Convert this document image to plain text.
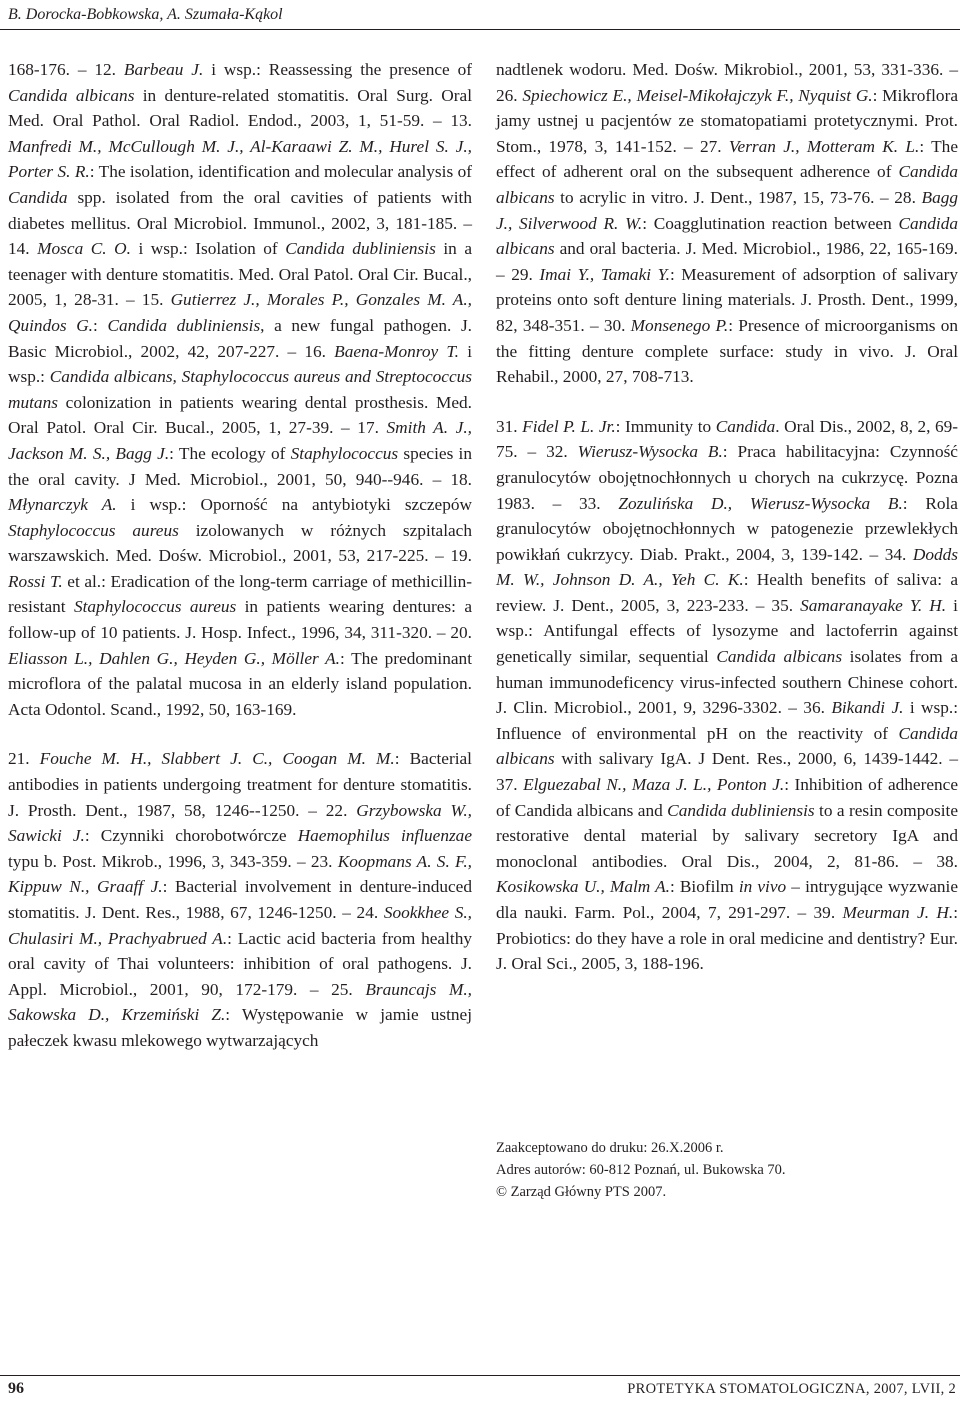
B. Dorocka-Bobkowska, A. Szumała-Kąkol

168-176. – 12. Barbeau J. i wsp.: Reassessing the presence of Candida albicans in denture-related stomatitis. Oral Surg. Oral Med. Oral Pathol. Oral Radiol. Endod., 2003, 1, 51-59. – 13. Manfredi M., McCullough M. J., Al-Karaawi Z. M., Hurel S. J., Porter S. R.: The isolation, identification and molecular analysis of Candida spp. isolated from the oral cavities of patients with diabetes mellitus. Oral Microbiol. Immunol., 2002, 3, 181-185. – 14. Mosca C. O. i wsp.: Isolation of Candida dubliniensis in a teenager with denture stomatitis. Med. Oral Patol. Oral Cir. Bucal., 2005, 1, 28-31. – 15. Gutierrez J., Morales P., Gonzales M. A., Quindos G.: Candida dubliniensis, a new fungal pathogen. J. Basic Microbiol., 2002, 42, 207-227. – 16. Baena-Monroy T. i wsp.: Candida albicans, Staphylococcus aureus and Streptococcus mutans colonization in patients wearing dental prosthesis. Med. Oral Patol. Oral Cir. Bucal., 2005, 1, 27-39. – 17. Smith A. J., Jackson M. S., Bagg J.: The ecology of Staphylococcus species in the oral cavity. J Med. Microbiol., 2001, 50, 940--946. – 18. Młynarczyk A. i wsp.: Oporność na antybiotyki szczepów Staphylococcus aureus izolowanych w różnych szpitalach warszawskich. Med. Dośw. Microbiol., 2001, 53, 217-225. – 19. Rossi T. et al.: Eradication of the long-term carriage of methicillin-resistant Staphylococcus aureus in patients wearing dentures: a follow-up of 10 patients. J. Hosp. Infect., 1996, 34, 311-320. – 20. Eliasson L., Dahlen G., Heyden G., Möller A.: The predominant microflora of the palatal mucosa in an elderly island population. Acta Odontol. Scand., 1992, 50, 163-169.

21. Fouche M. H., Slabbert J. C., Coogan M. M.: Bacterial antibodies in patients undergoing treatment for denture stomatitis. J. Prosth. Dent., 1987, 58, 1246--1250. – 22. Grzybowska W., Sawicki J.: Czynniki chorobotwórcze Haemophilus influenzae typu b. Post. Mikrob., 1996, 3, 343-359. – 23. Koopmans A. S. F., Kippuw N., Graaff J.: Bacterial involvement in denture-induced stomatitis. J. Dent. Res., 1988, 67, 1246-1250. – 24. Sookkhee S., Chulasiri M., Prachyabrued A.: Lactic acid bacteria from healthy oral cavity of Thai volunteers: inhibition of oral pathogens. J. Appl. Microbiol., 2001, 90, 172-179. – 25. Brauncajs M., Sakowska D., Krzemiński Z.: Występowanie w jamie ustnej pałeczek kwasu mlekowego wytwarzających

nadtlenek wodoru. Med. Dośw. Mikrobiol., 2001, 53, 331-336. – 26. Spiechowicz E., Meisel-Mikołajczyk F., Nyquist G.: Mikroflora jamy ustnej u pacjentów ze stomatopatiami protetycznymi. Prot. Stom., 1978, 3, 141-152. – 27. Verran J., Motteram K. L.: The effect of adherent oral on the subsequent adherence of Candida albicans to acrylic in vitro. J. Dent., 1987, 15, 73-76. – 28. Bagg J., Silverwood R. W.: Coagglutination reaction between Candida albicans and oral bacteria. J. Med. Microbiol., 1986, 22, 165-169. – 29. Imai Y., Tamaki Y.: Measurement of adsorption of salivary proteins onto soft denture lining materials. J. Prosth. Dent., 1999, 82, 348-351. – 30. Monsenego P.: Presence of microorganisms on the fitting denture complete surface: study in vivo. J. Oral Rehabil., 2000, 27, 708-713.

31. Fidel P. L. Jr.: Immunity to Candida. Oral Dis., 2002, 8, 2, 69-75. – 32. Wierusz-Wysocka B.: Praca habilitacyjna: Czynność granulocytów obojętnochłonnych u chorych na cukrzycę. Pozna 1983. – 33. Zozulińska D., Wierusz-Wysocka B.: Rola granulocytów obojętnochłonnych w patogenezie przewlekłych powikłań cukrzycy. Diab. Prakt., 2004, 3, 139-142. – 34. Dodds M. W., Johnson D. A., Yeh C. K.: Health benefits of saliva: a review. J. Dent., 2005, 3, 223-233. – 35. Samaranayake Y. H. i wsp.: Antifungal effects of lysozyme and lactoferrin against genetically similar, sequential Candida albicans isolates from a human immunodeficency virus-infected southern Chinese cohort. J. Clin. Microbiol., 2001, 9, 3296-3302. – 36. Bikandi J. i wsp.: Influence of environmental pH on the reactivity of Candida albicans with salivary IgA. J Dent. Res., 2000, 6, 1439-1442. – 37. Elguezabal N., Maza J. L., Ponton J.: Inhibition of adherence of Candida albicans and Candida dubliniensis to a resin composite restorative dental material by salivary secretory IgA and monoclonal antibodies. Oral Dis., 2004, 2, 81-86. – 38. Kosikowska U., Malm A.: Biofilm in vivo – intrygujące wyzwanie dla nauki. Farm. Pol., 2004, 7, 291-297. – 39. Meurman J. H.: Probiotics: do they have a role in oral medicine and dentistry? Eur. J. Oral Sci., 2005, 3, 188-196.

Zaakceptowano do druku: 26.X.2006 r.
Adres autorów: 60-812 Poznań, ul. Bukowska 70.
© Zarząd Główny PTS 2007.
96	PROTETYKA STOMATOLOGICZNA, 2007, LVII, 2
